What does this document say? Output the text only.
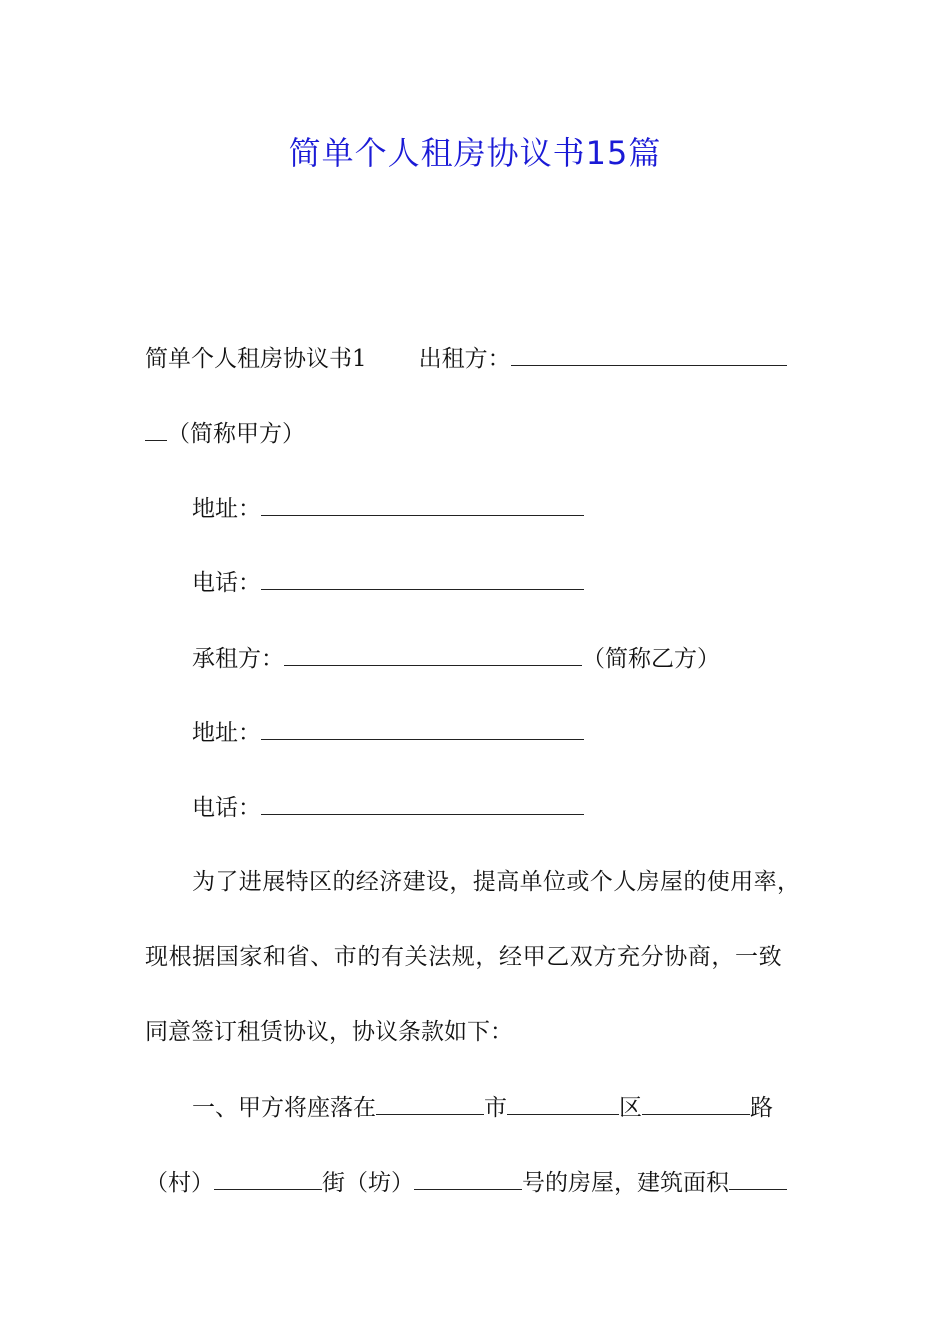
简单个人租房协议书15篇
简单个人租房协议书1 出租方：
（简称甲方）
地址：
电话：
承租方：	（简称乙方）
地址：
电话：
为了进展特区的经济建设，提高单位或个人房屋的使用率，
现根据国家和省、市的有关法规，经甲乙双方充分协商，一致
同意签订租赁协议，协议条款如下：
一、甲方将座落在	市	区	路
（村）	街（坊）	号的房屋，建筑面积
